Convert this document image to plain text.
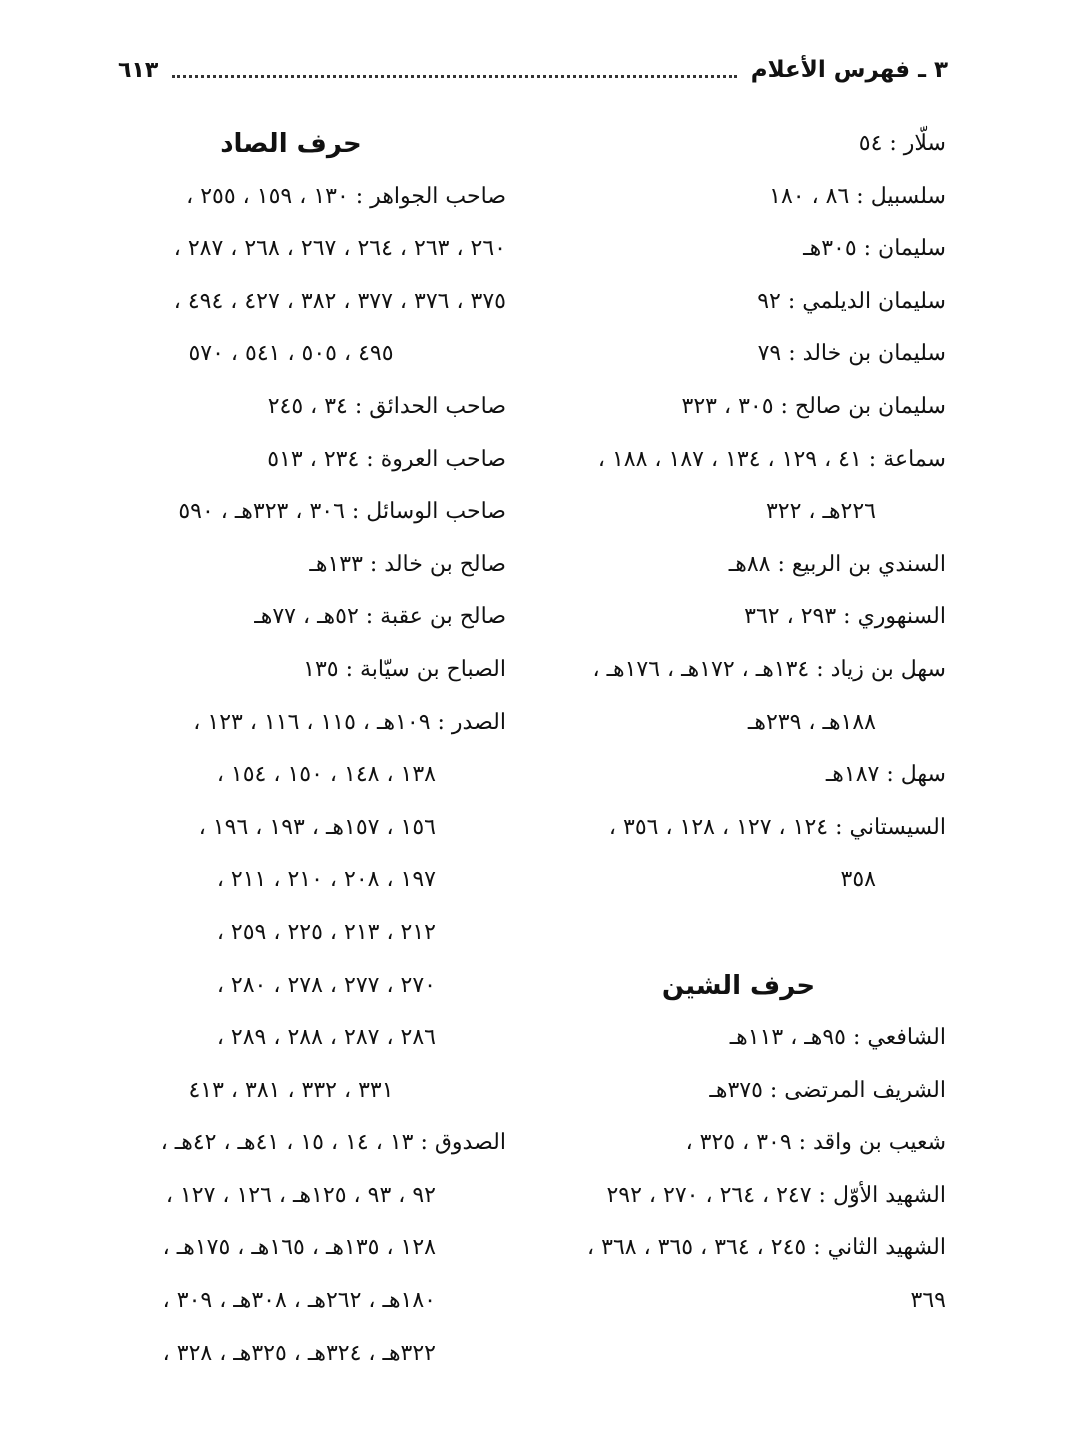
٣ ـ فهرس الأعلام
٦١٣
سلّار : ٥٤
سلسبيل : ٨٦ ، ١٨٠
سليمان : ٣٠٥هـ
سليمان الديلمي : ٩٢
سليمان بن خالد : ٧٩
سليمان بن صالح : ٣٠٥ ، ٣٢٣
سماعة : ٤١ ، ١٢٩ ، ١٣٤ ، ١٨٧ ، ١٨٨ ،
٢٢٦هـ ، ٣٢٢
السندي بن الربيع : ٨٨هـ
السنهوري : ٢٩٣ ، ٣٦٢
سهل بن زياد : ١٣٤هـ ، ١٧٢هـ ، ١٧٦هـ ،
١٨٨هـ ، ٢٣٩هـ
سهل : ١٨٧هـ
السيستاني : ١٢٤ ، ١٢٧ ، ١٢٨ ، ٣٥٦ ،
٣٥٨
حرف الشين
الشافعي : ٩٥هـ ، ١١٣هـ
الشريف المرتضى : ٣٧٥هـ
شعيب بن واقد : ٣٠٩ ، ٣٢٥ ،
الشهيد الأوّل : ٢٤٧ ، ٢٦٤ ، ٢٧٠ ، ٢٩٢
الشهيد الثاني : ٢٤٥ ، ٣٦٤ ، ٣٦٥ ، ٣٦٨ ،
٣٦٩
حرف الصاد
صاحب الجواهر : ١٣٠ ، ١٥٩ ، ٢٥٥ ،
٢٦٠ ، ٢٦٣ ، ٢٦٤ ، ٢٦٧ ، ٢٦٨ ، ٢٨٧ ،
٣٧٥ ، ٣٧٦ ، ٣٧٧ ، ٣٨٢ ، ٤٢٧ ، ٤٩٤ ،
٤٩٥ ، ٥٠٥ ، ٥٤١ ، ٥٧٠
صاحب الحدائق : ٣٤ ، ٢٤٥
صاحب العروة : ٢٣٤ ، ٥١٣
صاحب الوسائل : ٣٠٦ ، ٣٢٣هـ ، ٥٩٠
صالح بن خالد : ١٣٣هـ
صالح بن عقبة : ٥٢هـ ، ٧٧هـ
الصباح بن سيّابة : ١٣٥
الصدر : ١٠٩هـ ، ١١٥ ، ١١٦ ، ١٢٣ ،
١٣٨ ، ١٤٨ ، ١٥٠ ، ١٥٤ ،
١٥٦ ، ١٥٧هـ ، ١٩٣ ، ١٩٦ ،
١٩٧ ، ٢٠٨ ، ٢١٠ ، ٢١١ ،
٢١٢ ، ٢١٣ ، ٢٢٥ ، ٢٥٩ ،
٢٧٠ ، ٢٧٧ ، ٢٧٨ ، ٢٨٠ ،
٢٨٦ ، ٢٨٧ ، ٢٨٨ ، ٢٨٩ ،
٣٣١ ، ٣٣٢ ، ٣٨١ ، ٤١٣
الصدوق : ١٣ ، ١٤ ، ١٥ ، ٤١هـ ، ٤٢هـ ،
٩٢ ، ٩٣ ، ١٢٥هـ ، ١٢٦ ، ١٢٧ ،
١٢٨ ، ١٣٥هـ ، ١٦٥هـ ، ١٧٥هـ ،
١٨٠هـ ، ٢٦٢هـ ، ٣٠٨هـ ، ٣٠٩ ،
٣٢٢هـ ، ٣٢٤هـ ، ٣٢٥هـ ، ٣٢٨ ،
